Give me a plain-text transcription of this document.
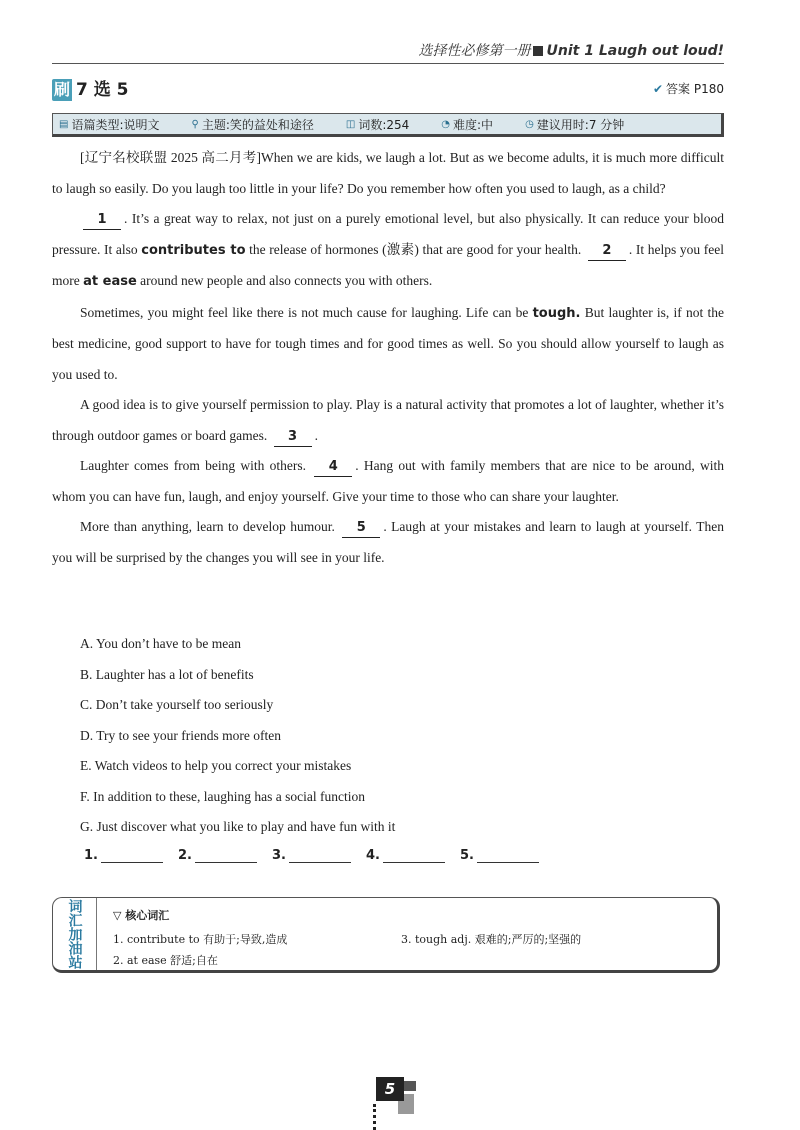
选择性必修第一册 Unit 1 Laugh out loud!
刷 7 选 5	✔ 答案 P180
▤ 语篇类型:说明文	⚲ 主题:笑的益处和途径	◫ 词数:254	◔ 难度:中	◷ 建议用时:7 分钟

[辽宁名校联盟 2025 高二月考]When we are kids, we laugh a lot. But as we become adults, it is much more difficult to laugh so easily. Do you laugh too little in your life? Do you remember how often you used to laugh, as a child?

1 . It’s a great way to relax, not just on a purely emotional level, but also physically. It can reduce your blood pressure. It also contributes to the release of hormones (激素) that are good for your health. 2 . It helps you feel more at ease around new people and also connects you with others.

Sometimes, you might feel like there is not much cause for laughing. Life can be tough. But laughter is, if not the best medicine, good support to have for tough times and for good times as well. So you should allow yourself to laugh as you used to.

A good idea is to give yourself permission to play. Play is a natural activity that promotes a lot of laughter, whether it’s through outdoor games or board games. 3 .

Laughter comes from being with others. 4 . Hang out with family members that are nice to be around, with whom you can have fun, laugh, and enjoy yourself. Give your time to those who can share your laughter.

More than anything, learn to develop humour. 5 . Laugh at your mistakes and learn to laugh at yourself. Then you will be surprised by the changes you will see in your life.

A. You don’t have to be mean
B. Laughter has a lot of benefits
C. Don’t take yourself too seriously
D. Try to see your friends more often
E. Watch videos to help you correct your mistakes
F. In addition to these, laughing has a social function
G. Just discover what you like to play and have fun with it
1.	2.	3.	4.	5.
词汇加油站	▽ 核心词汇
1. contribute to 有助于;导致,造成
2. at ease 舒适;自在
3. tough adj. 艰难的;严厉的;坚强的
5
